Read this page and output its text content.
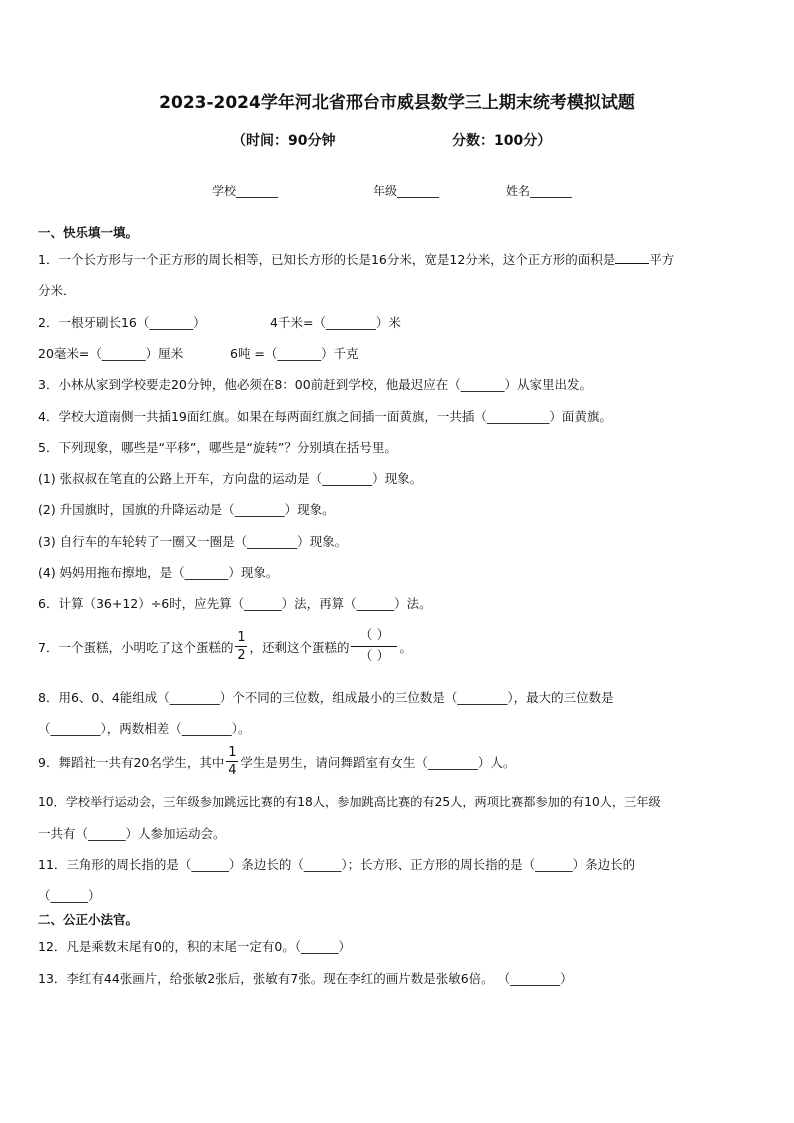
2023-2024学年河北省邢台市威县数学三上期末统考模拟试题
（时间：90分钟	分数：100分）
学校_______	年级_______	姓名_______
一、快乐填一填。
1．一个长方形与一个正方形的周长相等，已知长方形的长是16分米，宽是12分米，这个正方形的面积是	平方
分米．
2．一根牙刷长16（_______）	4千米=（________）米
20毫米=（_______）厘米	6吨 =（_______）千克
3．小林从家到学校要走20分钟，他必须在8：00前赶到学校，他最迟应在（_______）从家里出发。
4．学校大道南侧一共插19面红旗。如果在每两面红旗之间插一面黄旗，一共插（__________）面黄旗。
5．下列现象，哪些是“平移”，哪些是“旋转”？分别填在括号里。
(1) 张叔叔在笔直的公路上开车，方向盘的运动是（________）现象。
(2) 升国旗时，国旗的升降运动是（________）现象。
(3) 自行车的车轮转了一圈又一圈是（________）现象。
(4) 妈妈用拖布擦地，是（_______）现象。
6．计算（36+12）÷6时，应先算（______）法，再算（______）法。
7．一个蛋糕，小明吃了这个蛋糕的 $\frac{1}{2}$ ，还剩这个蛋糕的
（ ）
（ ）
。
8．用6、0、4能组成（________）个不同的三位数，组成最小的三位数是（________），最大的三位数是
（________），两数相差（________）。
9．舞蹈社一共有20名学生，其中 $\frac{1}{4}$ 学生是男生，请问舞蹈室有女生（________）人。
10．学校举行运动会，三年级参加跳远比赛的有18人，参加跳高比赛的有25人，两项比赛都参加的有10人，三年级
一共有（______）人参加运动会。
11．三角形的周长指的是（______）条边长的（______）；长方形、正方形的周长指的是（______）条边长的
（______）
二、公正小法官。
12．凡是乘数末尾有0的，积的末尾一定有0。（______）
13．李红有44张画片，给张敏2张后，张敏有7张。现在李红的画片数是张敏6倍。 （________）
